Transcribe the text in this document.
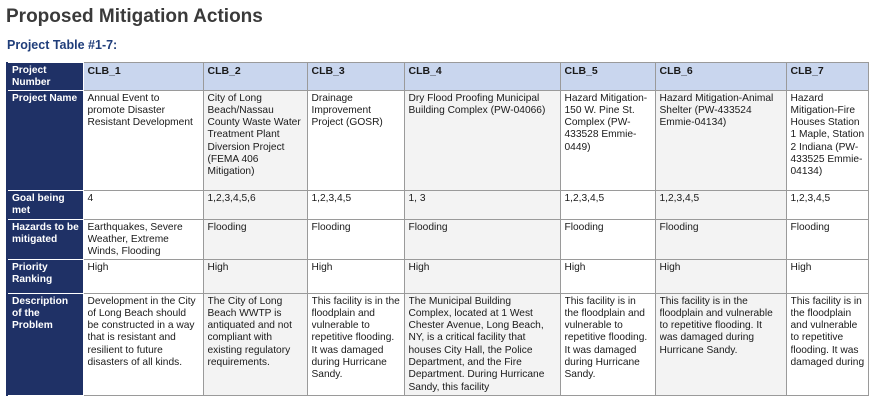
Proposed Mitigation Actions
Project Table #1-7:
Project Number	CLB_1	CLB_2	CLB_3	CLB_4	CLB_5	CLB_6	CLB_7
Project Name	Annual Event to promote Disaster Resistant Development	City of Long Beach/Nassau County Waste Water Treatment Plant Diversion Project (FEMA 406 Mitigation)	Drainage Improvement Project (GOSR)	Dry Flood Proofing Municipal Building Complex (PW-04066)	Hazard Mitigation-150 W. Pine St. Complex (PW-433528 Emmie-0449)	Hazard Mitigation-Animal Shelter (PW-433524 Emmie-04134)	Hazard Mitigation-Fire Houses Station 1 Maple, Station 2 Indiana (PW-433525 Emmie-04134)
Goal being met	4	1,2,3,4,5,6	1,2,3,4,5	1, 3	1,2,3,4,5	1,2,3,4,5	1,2,3,4,5
Hazards to be mitigated	Earthquakes, Severe Weather, Extreme Winds, Flooding	Flooding	Flooding	Flooding	Flooding	Flooding	Flooding
Priority Ranking	High	High	High	High	High	High	High
Description of the Problem	Development in the City of Long Beach should be constructed in a way that is resistant and resilient to future disasters of all kinds.	The City of Long Beach WWTP is antiquated and not compliant with existing regulatory requirements.	This facility is in the floodplain and vulnerable to repetitive flooding. It was damaged during Hurricane Sandy.	The Municipal Building Complex, located at 1 West Chester Avenue, Long Beach, NY, is a critical facility that houses City Hall, the Police Department, and the Fire Department. During Hurricane Sandy, this facility	This facility is in the floodplain and vulnerable to repetitive flooding. It was damaged during Hurricane Sandy.	This facility is in the floodplain and vulnerable to repetitive flooding. It was damaged during Hurricane Sandy.	This facility is in the floodplain and vulnerable to repetitive flooding. It was damaged during
